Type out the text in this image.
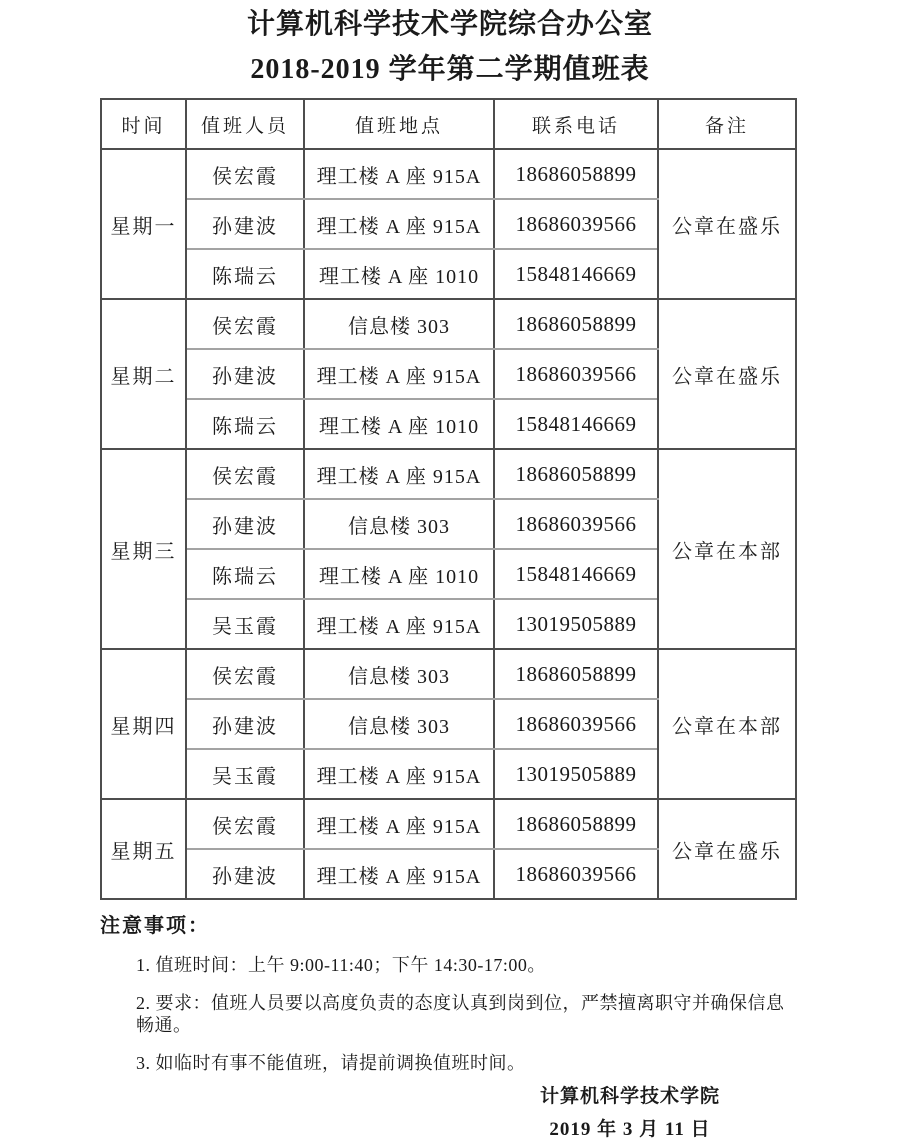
计算机科学技术学院综合办公室
2018-2019 学年第二学期值班表
时间	值班人员	值班地点	联系电话	备注
星期一	侯宏霞	理工楼 A 座 915A	18686058899	公章在盛乐
	孙建波	理工楼 A 座 915A	18686039566	
	陈瑞云	理工楼 A 座 1010	15848146669	
星期二	侯宏霞	信息楼 303	18686058899	公章在盛乐
	孙建波	理工楼 A 座 915A	18686039566	
	陈瑞云	理工楼 A 座 1010	15848146669	
星期三	侯宏霞	理工楼 A 座 915A	18686058899	公章在本部
	孙建波	信息楼 303	18686039566	
	陈瑞云	理工楼 A 座 1010	15848146669	
	吴玉霞	理工楼 A 座 915A	13019505889	
星期四	侯宏霞	信息楼 303	18686058899	公章在本部
	孙建波	信息楼 303	18686039566	
	吴玉霞	理工楼 A 座 915A	13019505889	
星期五	侯宏霞	理工楼 A 座 915A	18686058899	公章在盛乐
	孙建波	理工楼 A 座 915A	18686039566	
注意事项：
1. 值班时间：上午 9:00-11:40；下午 14:30-17:00。
2. 要求：值班人员要以高度负责的态度认真到岗到位，严禁擅离职守并确保信息畅通。
3. 如临时有事不能值班，请提前调换值班时间。
计算机科学技术学院
2019 年 3 月 11 日
